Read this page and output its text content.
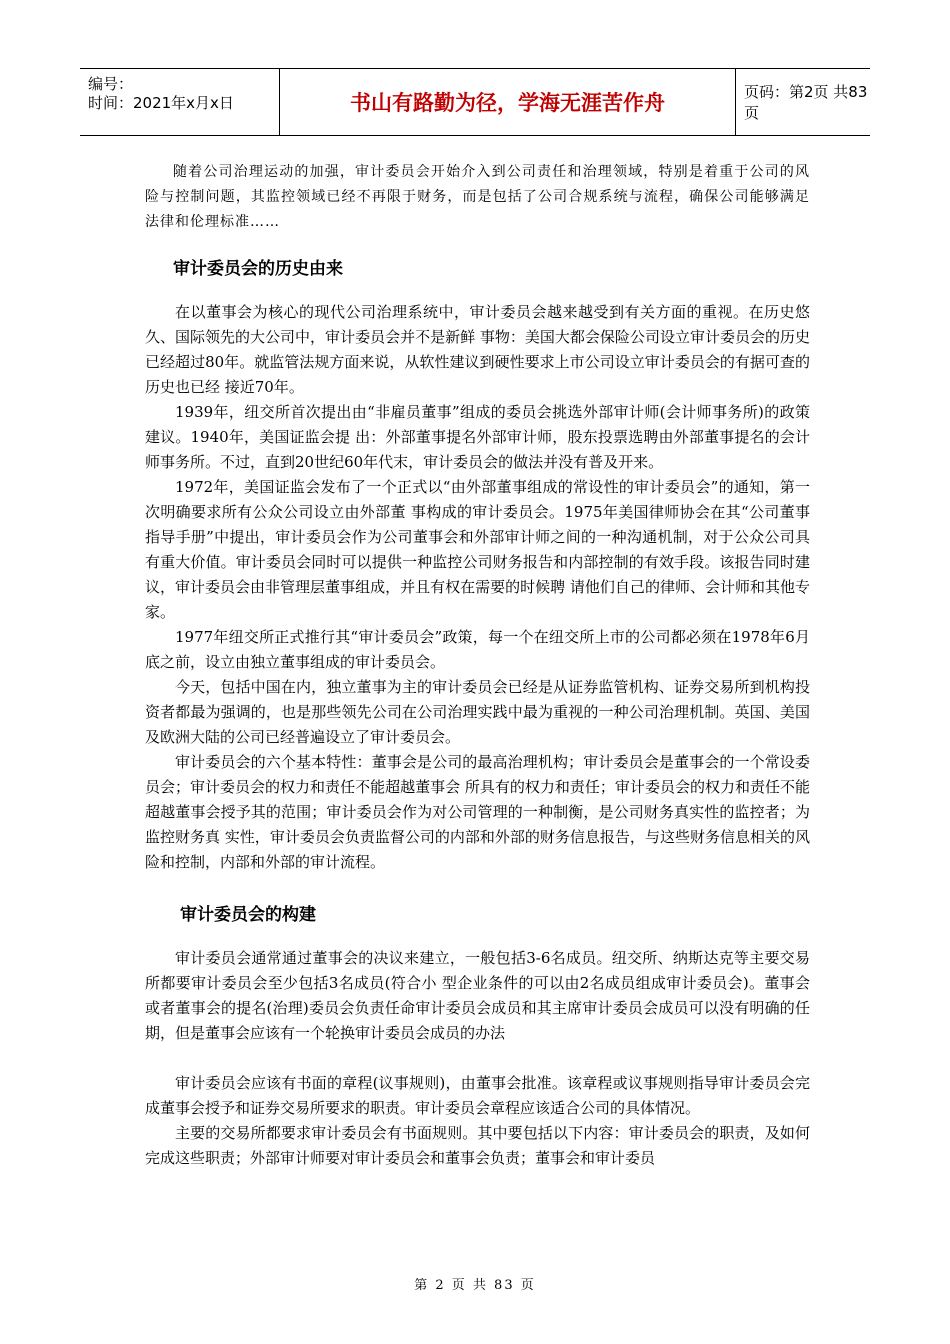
编号：
时间：2021年x月x日	书山有路勤为径，学海无涯苦作舟	页码：第2页 共83页

随着公司治理运动的加强，审计委员会开始介入到公司责任和治理领域，特别是着重于公司的风险与控制问题，其监控领域已经不再限于财务，而是包括了公司合规系统与流程，确保公司能够满足法律和伦理标准……

审计委员会的历史由来

在以董事会为核心的现代公司治理系统中，审计委员会越来越受到有关方面的重视。在历史悠久、国际领先的大公司中，审计委员会并不是新鲜 事物：美国大都会保险公司设立审计委员会的历史已经超过80年。就监管法规方面来说，从软性建议到硬性要求上市公司设立审计委员会的有据可查的历史也已经 接近70年。

1939年，纽交所首次提出由“非雇员董事”组成的委员会挑选外部审计师(会计师事务所)的政策建议。1940年，美国证监会提 出：外部董事提名外部审计师，股东投票选聘由外部董事提名的会计师事务所。不过，直到20世纪60年代末，审计委员会的做法并没有普及开来。

1972年，美国证监会发布了一个正式以“由外部董事组成的常设性的审计委员会”的通知，第一次明确要求所有公众公司设立由外部董 事构成的审计委员会。1975年美国律师协会在其“公司董事指导手册”中提出，审计委员会作为公司董事会和外部审计师之间的一种沟通机制，对于公众公司具 有重大价值。审计委员会同时可以提供一种监控公司财务报告和内部控制的有效手段。该报告同时建议，审计委员会由非管理层董事组成，并且有权在需要的时候聘 请他们自己的律师、会计师和其他专家。

1977年纽交所正式推行其“审计委员会”政策，每一个在纽交所上市的公司都必须在1978年6月底之前，设立由独立董事组成的审计委员会。

今天，包括中国在内，独立董事为主的审计委员会已经是从证券监管机构、证券交易所到机构投资者都最为强调的，也是那些领先公司在公司治理实践中最为重视的一种公司治理机制。英国、美国及欧洲大陆的公司已经普遍设立了审计委员会。

审计委员会的六个基本特性：董事会是公司的最高治理机构；审计委员会是董事会的一个常设委员会；审计委员会的权力和责任不能超越董事会 所具有的权力和责任；审计委员会的权力和责任不能超越董事会授予其的范围；审计委员会作为对公司管理的一种制衡，是公司财务真实性的监控者；为监控财务真 实性，审计委员会负责监督公司的内部和外部的财务信息报告，与这些财务信息相关的风险和控制，内部和外部的审计流程。

审计委员会的构建

审计委员会通常通过董事会的决议来建立，一般包括3-6名成员。纽交所、纳斯达克等主要交易所都要审计委员会至少包括3名成员(符合小 型企业条件的可以由2名成员组成审计委员会)。董事会或者董事会的提名(治理)委员会负责任命审计委员会成员和其主席审计委员会成员可以没有明确的任 期，但是董事会应该有一个轮换审计委员会成员的办法

审计委员会应该有书面的章程(议事规则)，由董事会批准。该章程或议事规则指导审计委员会完成董事会授予和证券交易所要求的职责。审计委员会章程应该适合公司的具体情况。

主要的交易所都要求审计委员会有书面规则。其中要包括以下内容：审计委员会的职责，及如何完成这些职责；外部审计师要对审计委员会和董事会负责；董事会和审计委员

第 2 页 共 83 页
